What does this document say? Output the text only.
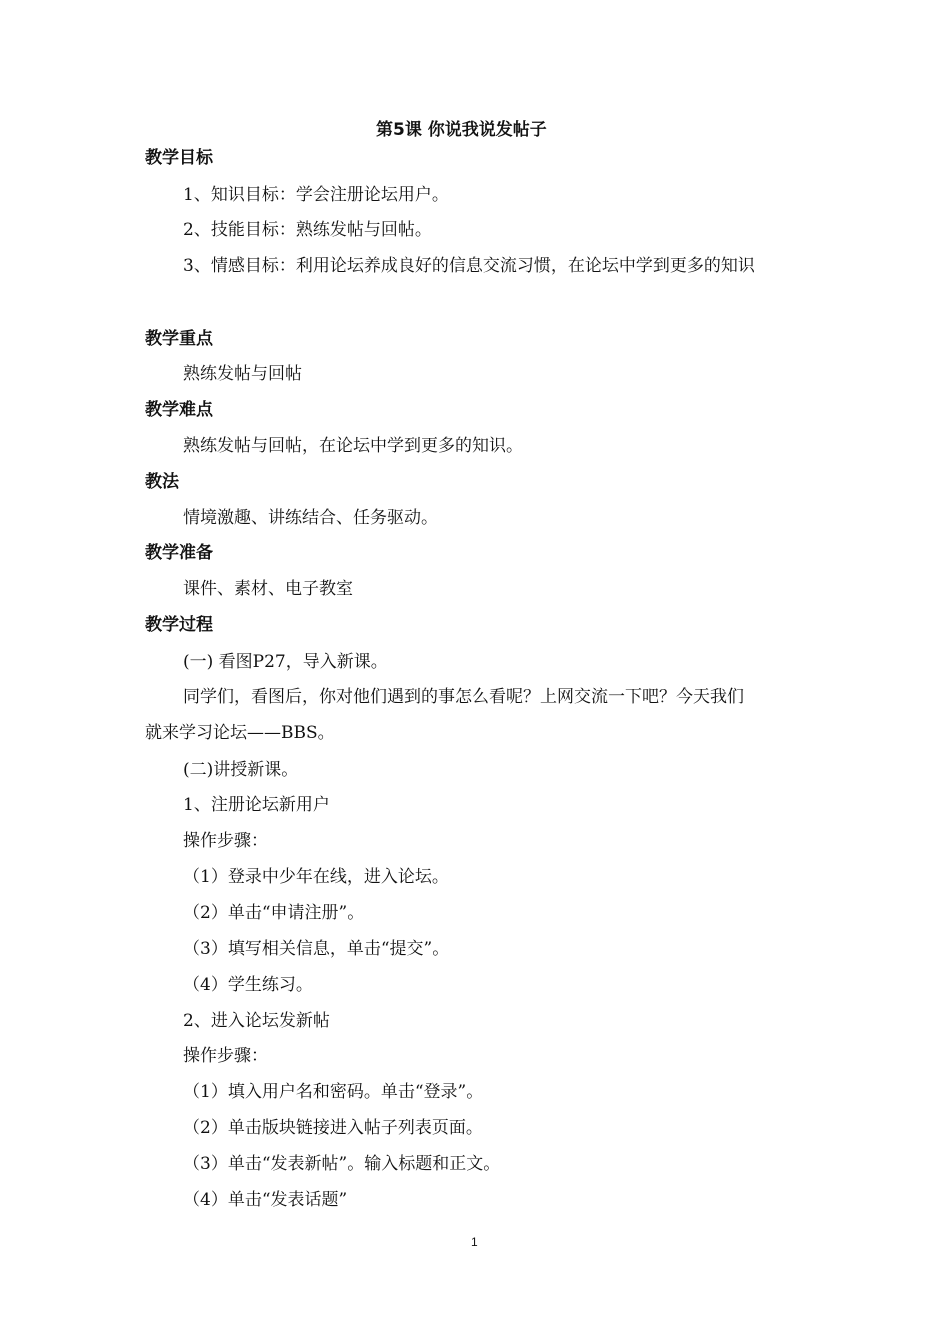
第5课 你说我说发帖子
教学目标
1、知识目标：学会注册论坛用户。
2、技能目标：熟练发帖与回帖。
3、情感目标：利用论坛养成良好的信息交流习惯，在论坛中学到更多的知识
教学重点
熟练发帖与回帖
教学难点
熟练发帖与回帖，在论坛中学到更多的知识。
教法
情境激趣、讲练结合、任务驱动。
教学准备
课件、素材、电子教室
教学过程
(一) 看图P27，导入新课。
同学们，看图后，你对他们遇到的事怎么看呢？上网交流一下吧？今天我们
就来学习论坛——BBS。
(二)讲授新课。
1、注册论坛新用户
操作步骤：
（1）登录中少年在线，进入论坛。
（2）单击“申请注册”。
（3）填写相关信息，单击“提交”。
（4）学生练习。
2、进入论坛发新帖
操作步骤：
（1）填入用户名和密码。单击“登录”。
（2）单击版块链接进入帖子列表页面。
（3）单击“发表新帖”。输入标题和正文。
（4）单击“发表话题”
1
